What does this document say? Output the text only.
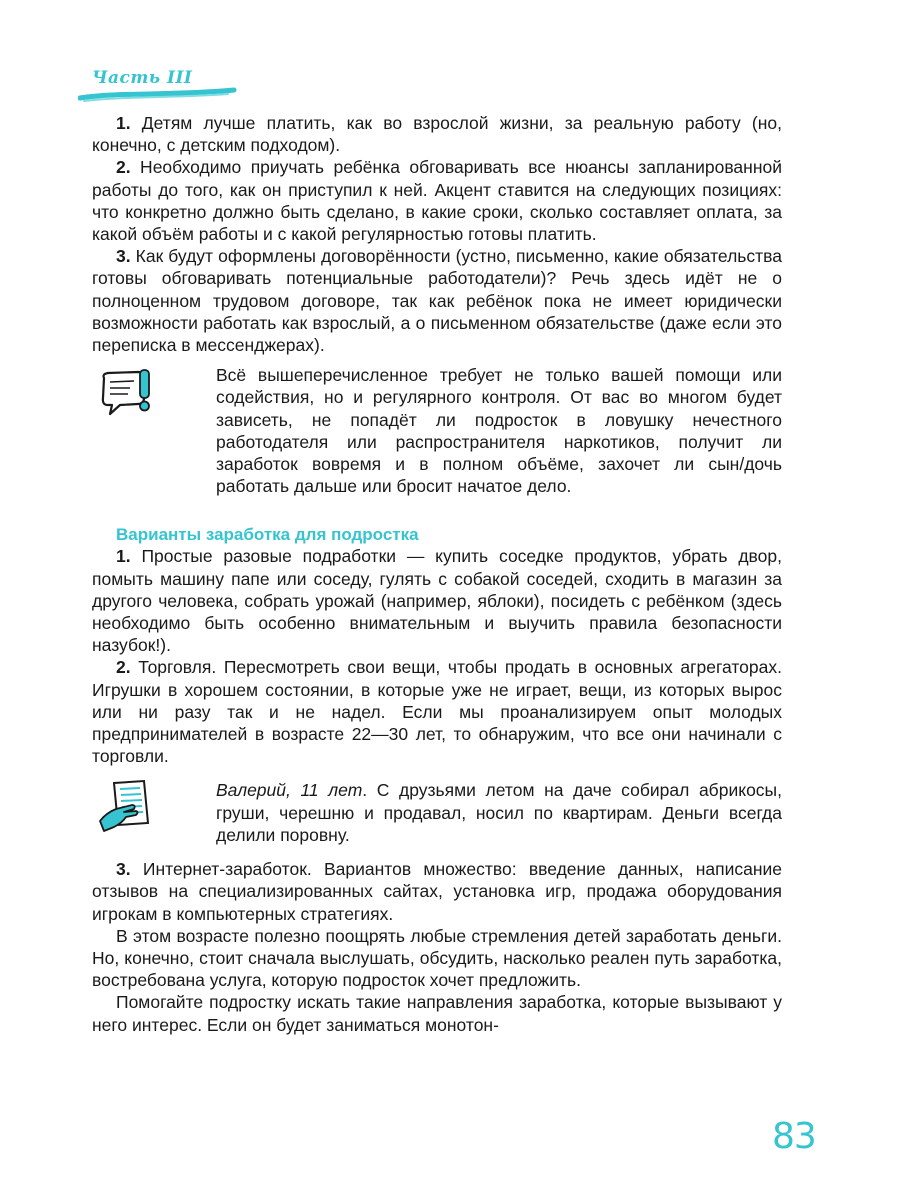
Часть III

1. Детям лучше платить, как во взрослой жизни, за реальную работу (но, конечно, с детским подходом).

2. Необходимо приучать ребёнка обговаривать все нюансы запланированной работы до того, как он приступил к ней. Акцент ставится на следующих позициях: что конкретно должно быть сделано, в какие сроки, сколько составляет оплата, за какой объём работы и с какой регулярностью готовы платить.

3. Как будут оформлены договорённости (устно, письменно, какие обязательства готовы обговаривать потенциальные работодатели)? Речь здесь идёт не о полноценном трудовом договоре, так как ребёнок пока не имеет юридически возможности работать как взрослый, а о письменном обязательстве (даже если это переписка в мессенджерах).

Всё вышеперечисленное требует не только вашей помощи или содействия, но и регулярного контроля. От вас во многом будет зависеть, не попадёт ли подросток в ловушку нечестного работодателя или распространителя наркотиков, получит ли заработок вовремя и в полном объёме, захочет ли сын/дочь работать дальше или бросит начатое дело.

Варианты заработка для подростка

1. Простые разовые подработки — купить соседке продуктов, убрать двор, помыть машину папе или соседу, гулять с собакой соседей, сходить в магазин за другого человека, собрать урожай (например, яблоки), посидеть с ребёнком (здесь необходимо быть особенно внимательным и выучить правила безопасности назубок!).

2. Торговля. Пересмотреть свои вещи, чтобы продать в основных агрегаторах. Игрушки в хорошем состоянии, в которые уже не играет, вещи, из которых вырос или ни разу так и не надел. Если мы проанализируем опыт молодых предпринимателей в возрасте 22—30 лет, то обнаружим, что все они начинали с торговли.

Валерий, 11 лет. С друзьями летом на даче собирал абрикосы, груши, черешню и продавал, носил по квартирам. Деньги всегда делили поровну.

3. Интернет-заработок. Вариантов множество: введение данных, написание отзывов на специализированных сайтах, установка игр, продажа оборудования игрокам в компьютерных стратегиях.

В этом возрасте полезно поощрять любые стремления детей заработать деньги. Но, конечно, стоит сначала выслушать, обсудить, насколько реален путь заработка, востребована услуга, которую подросток хочет предложить.

Помогайте подростку искать такие направления заработка, которые вызывают у него интерес. Если он будет заниматься монотон-

83
